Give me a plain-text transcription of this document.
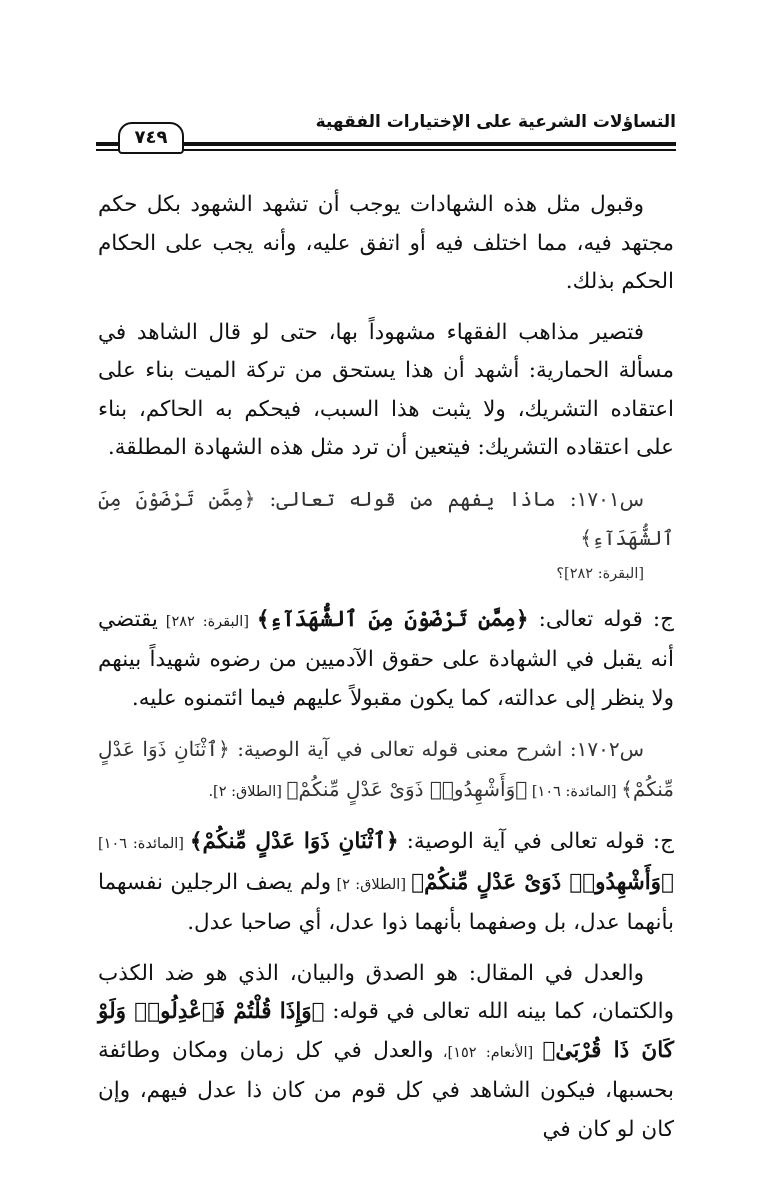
التساؤلات الشرعية على الإختيارات الفقهية
٧٤٩

وقبول مثل هذه الشهادات يوجب أن تشهد الشهود بكل حكم مجتهد فيه، مما اختلف فيه أو اتفق عليه، وأنه يجب على الحكام الحكم بذلك.

فتصير مذاهب الفقهاء مشهوداً بها، حتى لو قال الشاهد في مسألة الحمارية: أشهد أن هذا يستحق من تركة الميت بناء على اعتقاده التشريك، ولا يثبت هذا السبب، فيحكم به الحاكم، بناء على اعتقاده التشريك: فيتعين أن ترد مثل هذه الشهادة المطلقة.

س١٧٠١: ماذا يفهم من قوله تعالى: ﴿مِمَّن تَرْضَوْنَ مِنَ ٱلشُّهَدَآءِ﴾
[البقرة: ٢٨٢]؟

ج: قوله تعالى: ﴿مِمَّن تَرْضَوْنَ مِنَ ٱلشُّهَدَآءِ﴾ [البقرة: ٢٨٢] يقتضي أنه يقبل في الشهادة على حقوق الآدميين من رضوه شهيداً بينهم ولا ينظر إلى عدالته، كما يكون مقبولاً عليهم فيما ائتمنوه عليه.

س١٧٠٢: اشرح معنى قوله تعالى في آية الوصية: ﴿ٱثْنَانِ ذَوَا عَدْلٍ مِّنكُمْ﴾ [المائدة: ١٠٦] ﴿وَأَشْهِدُوا۟ ذَوَىْ عَدْلٍ مِّنكُمْ﴾ [الطلاق: ٢].

ج: قوله تعالى في آية الوصية: ﴿ٱثْنَانِ ذَوَا عَدْلٍ مِّنكُمْ﴾ [المائدة: ١٠٦] ﴿وَأَشْهِدُوا۟ ذَوَىْ عَدْلٍ مِّنكُمْ﴾ [الطلاق: ٢] ولم يصف الرجلين نفسهما بأنهما عدل، بل وصفهما بأنهما ذوا عدل، أي صاحبا عدل.

والعدل في المقال: هو الصدق والبيان، الذي هو ضد الكذب والكتمان، كما بينه الله تعالى في قوله: ﴿وَإِذَا قُلْتُمْ فَٱعْدِلُوا۟ وَلَوْ كَانَ ذَا قُرْبَىٰ﴾ [الأنعام: ١٥٢]، والعدل في كل زمان ومكان وطائفة بحسبها، فيكون الشاهد في كل قوم من كان ذا عدل فيهم، وإن كان لو كان في
